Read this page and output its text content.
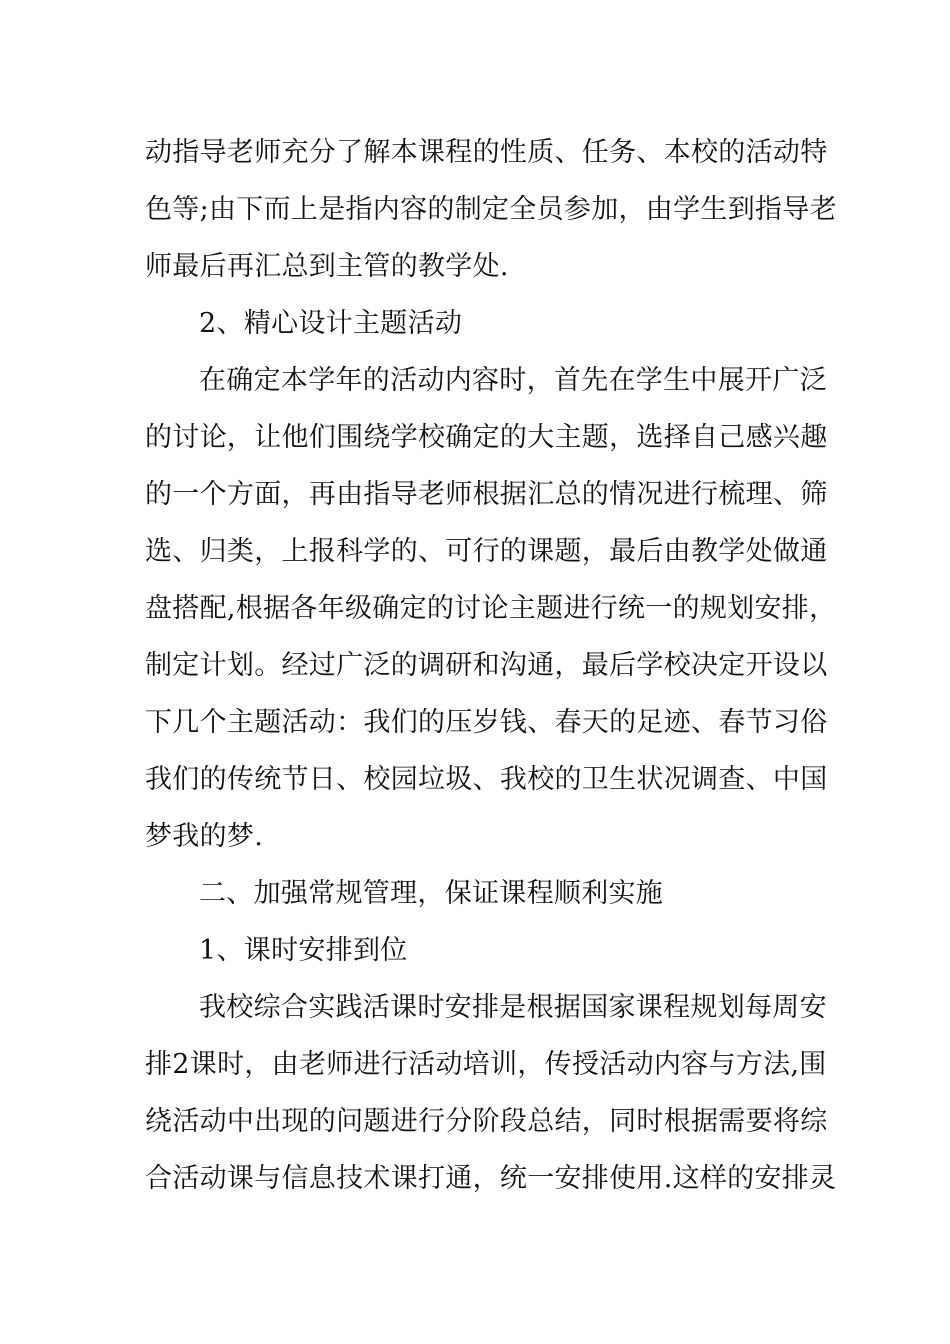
动指导老师充分了解本课程的性质、任务、本校的活动特
色等;由下而上是指内容的制定全员参加，由学生到指导老
师最后再汇总到主管的教学处.
2、精心设计主题活动
在确定本学年的活动内容时，首先在学生中展开广泛
的讨论，让他们围绕学校确定的大主题，选择自己感兴趣
的一个方面，再由指导老师根据汇总的情况进行梳理、筛
选、归类，上报科学的、可行的课题，最后由教学处做通
盘搭配,根据各年级确定的讨论主题进行统一的规划安排，
制定计划。经过广泛的调研和沟通，最后学校决定开设以
下几个主题活动：我们的压岁钱、春天的足迹、春节习俗
我们的传统节日、校园垃圾、我校的卫生状况调查、中国
梦我的梦.
二、加强常规管理，保证课程顺利实施
1、课时安排到位
我校综合实践活课时安排是根据国家课程规划每周安
排2课时，由老师进行活动培训，传授活动内容与方法,围
绕活动中出现的问题进行分阶段总结，同时根据需要将综
合活动课与信息技术课打通，统一安排使用.这样的安排灵
